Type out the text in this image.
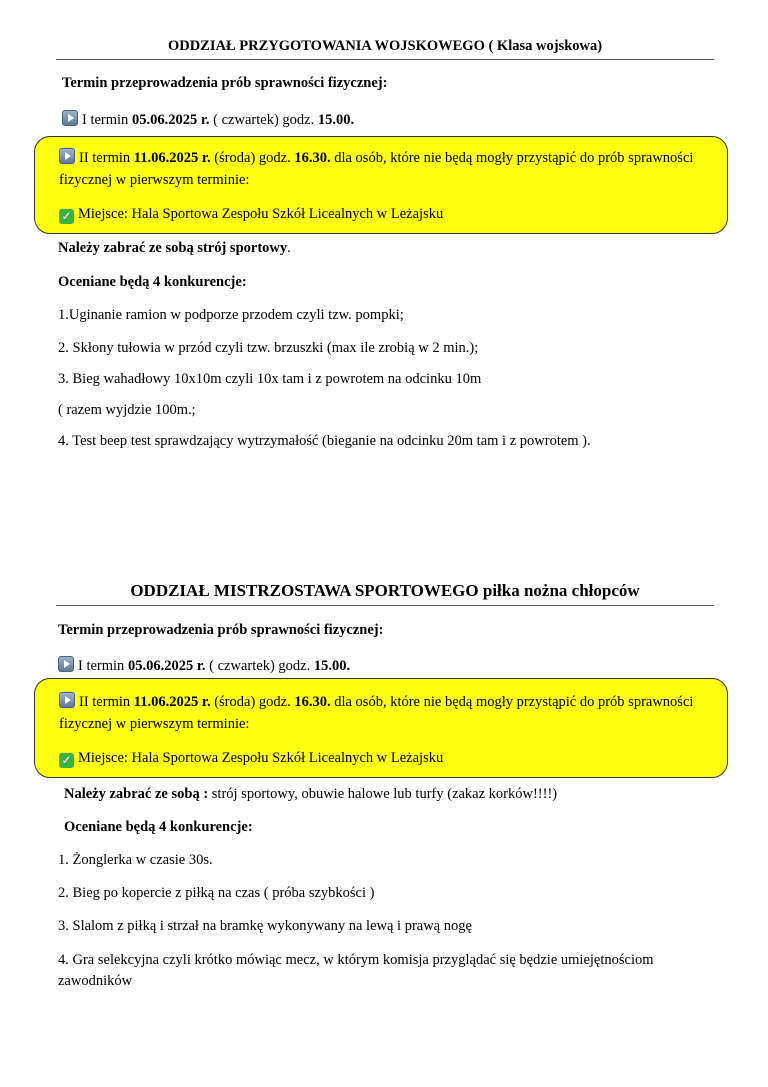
ODDZIAŁ PRZYGOTOWANIA WOJSKOWEGO ( Klasa wojskowa)
Termin przeprowadzenia prób sprawności fizycznej:
I termin 05.06.2025 r. ( czwartek) godz. 15.00.
II termin 11.06.2025 r. (środa) godz. 16.30. dla osób, które nie będą mogły przystąpić do prób sprawności
fizycznej w pierwszym terminie:
✓ Miejsce: Hala Sportowa Zespołu Szkół Licealnych w Leżajsku
Należy zabrać ze sobą strój sportowy.
Oceniane będą 4 konkurencje:
1.Uginanie ramion w podporze przodem czyli tzw. pompki;
2. Skłony tułowia w przód czyli tzw. brzuszki (max ile zrobią w 2 min.);
3. Bieg wahadłowy 10x10m czyli 10x tam i z powrotem na odcinku 10m
( razem wyjdzie 100m.;
4. Test beep test sprawdzający wytrzymałość (bieganie na odcinku 20m tam i z powrotem ).
ODDZIAŁ MISTRZOSTAWA SPORTOWEGO piłka nożna chłopców
Termin przeprowadzenia prób sprawności fizycznej:
I termin 05.06.2025 r. ( czwartek) godz. 15.00.
II termin 11.06.2025 r. (środa) godz. 16.30. dla osób, które nie będą mogły przystąpić do prób sprawności
fizycznej w pierwszym terminie:
✓ Miejsce: Hala Sportowa Zespołu Szkół Licealnych w Leżajsku
Należy zabrać ze sobą : strój sportowy, obuwie halowe lub turfy (zakaz korków!!!!)
Oceniane będą 4 konkurencje:
1. Żonglerka w czasie 30s.
2. Bieg po kopercie z piłką na czas ( próba szybkości )
3. Slalom z piłką i strzał na bramkę wykonywany na lewą i prawą nogę
4. Gra selekcyjna czyli krótko mówiąc mecz, w którym komisja przyglądać się będzie umiejętnościom
zawodników
